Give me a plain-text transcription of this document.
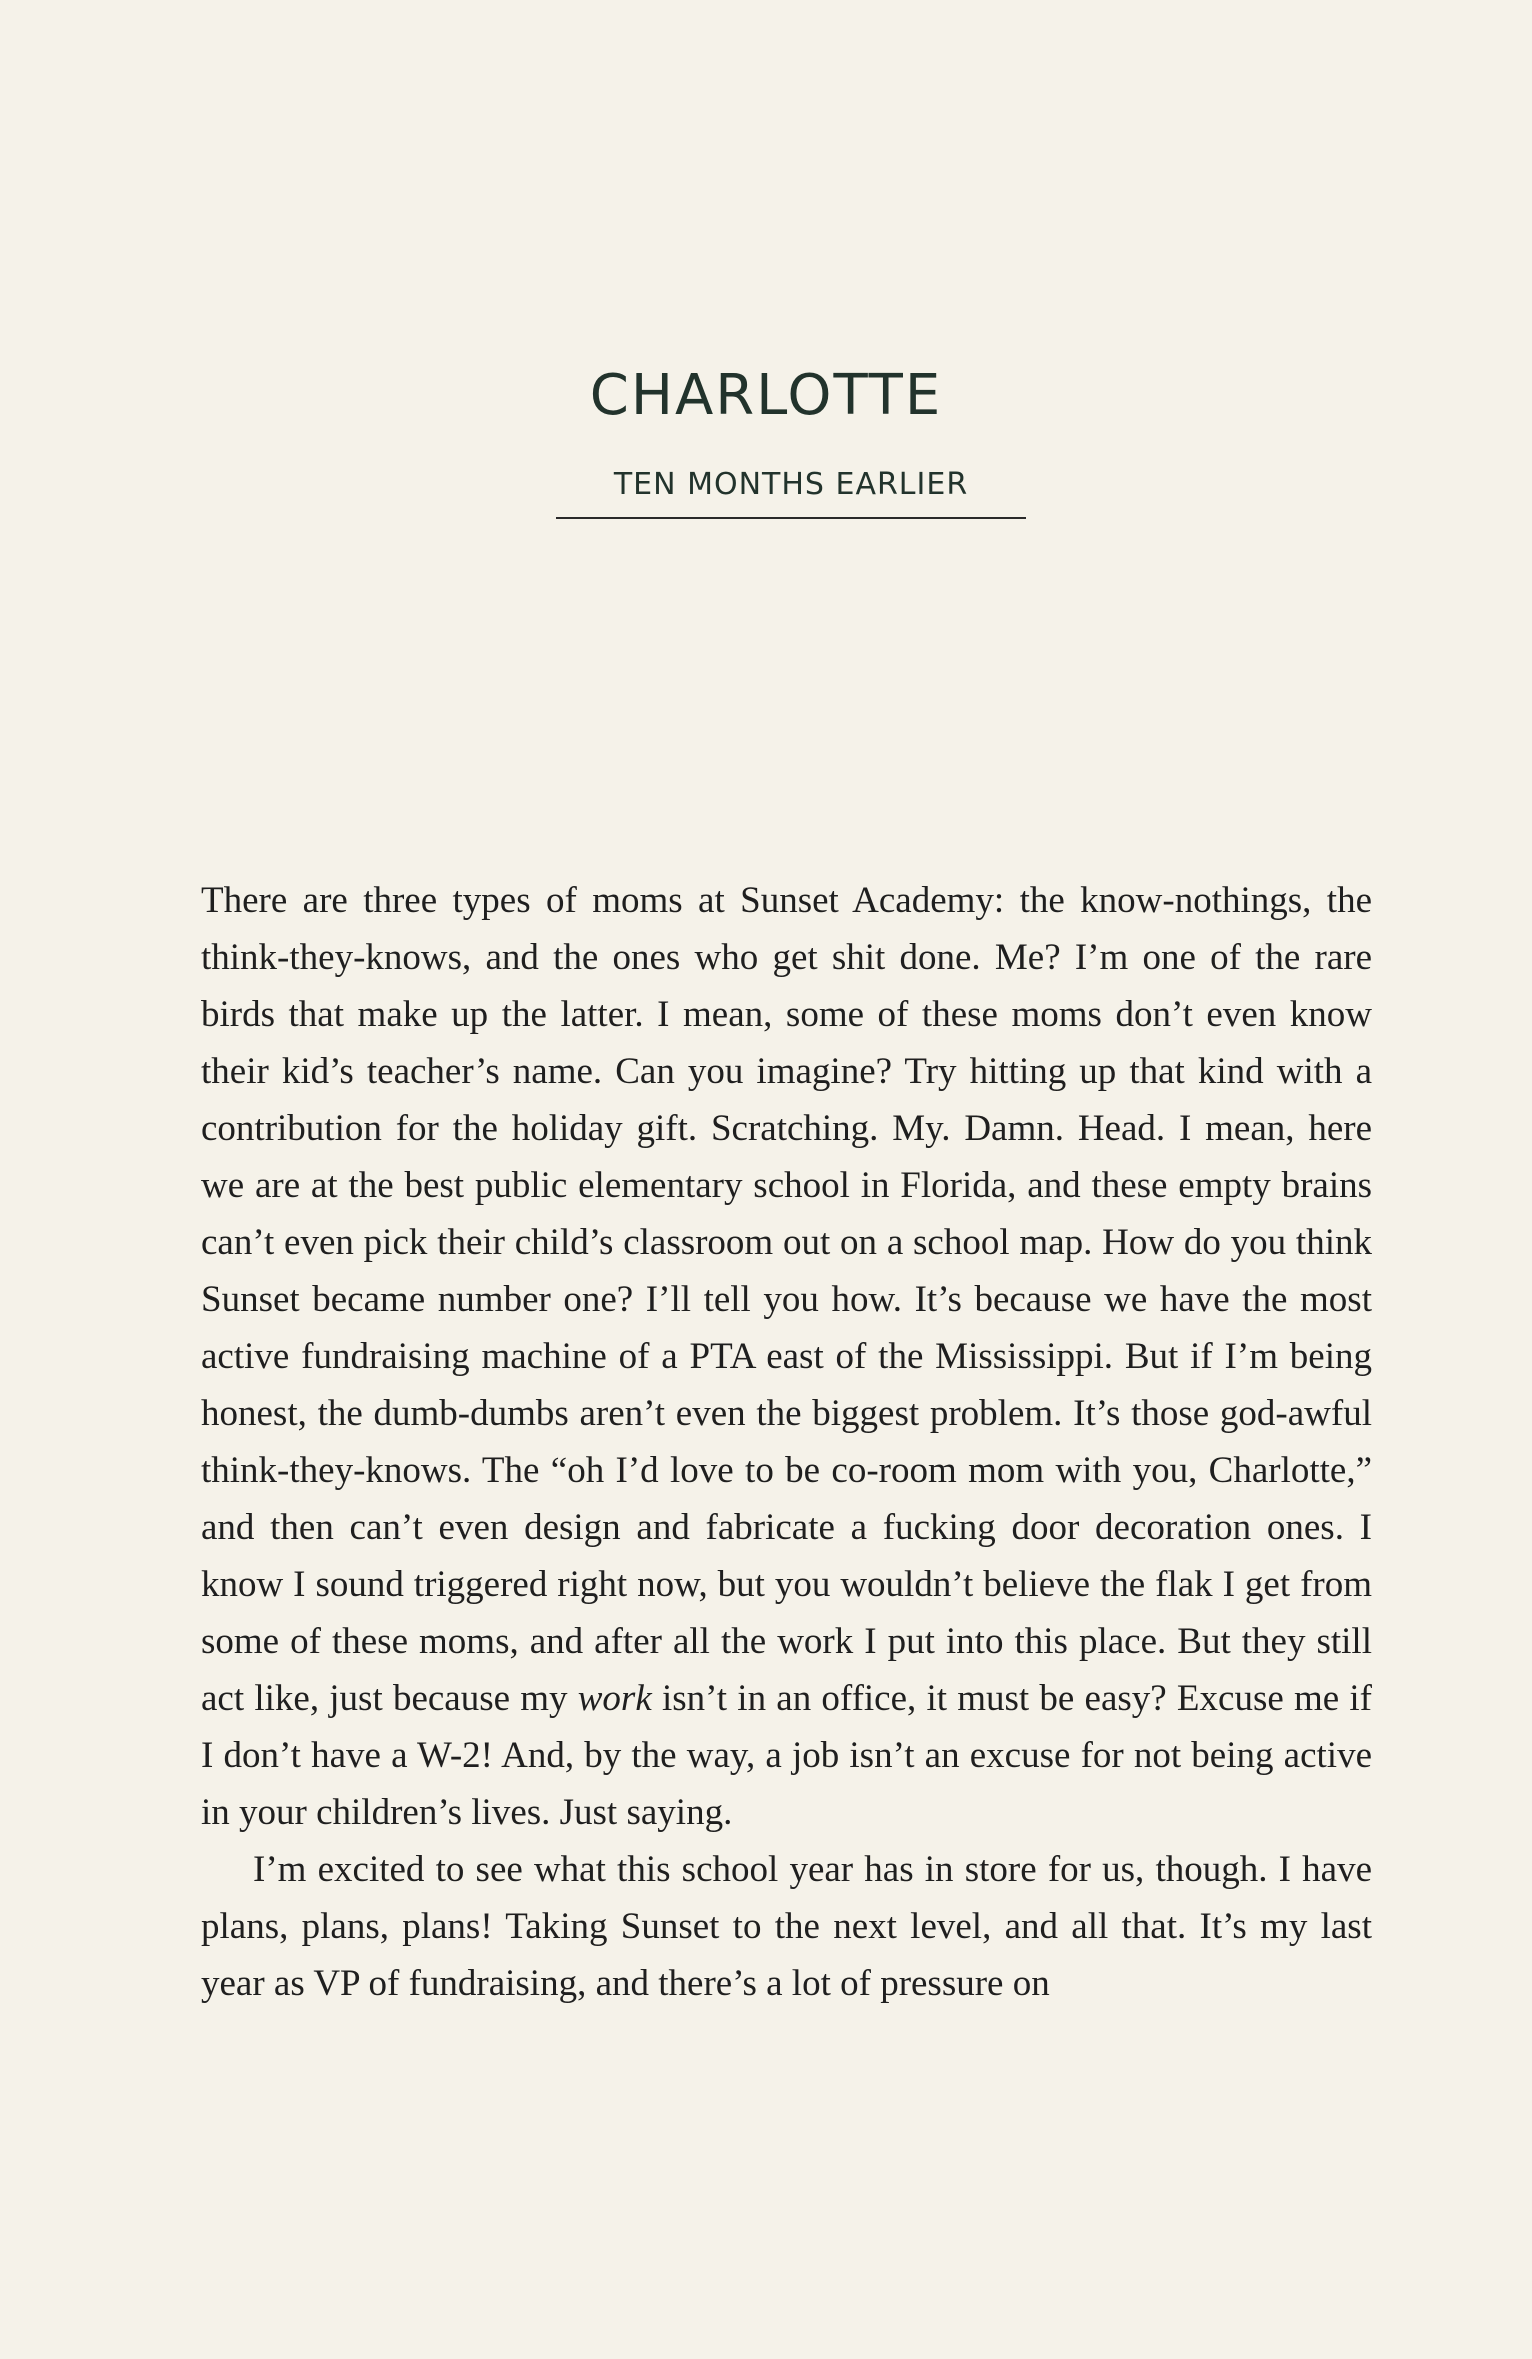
CHARLOTTE
TEN MONTHS EARLIER

There are three types of moms at Sunset Academy: the know-nothings, the think-they-knows, and the ones who get shit done. Me? I’m one of the rare birds that make up the latter. I mean, some of these moms don’t even know their kid’s teacher’s name. Can you imagine? Try hitting up that kind with a contribution for the holiday gift. Scratching. My. Damn. Head. I mean, here we are at the best public elementary school in Florida, and these empty brains can’t even pick their child’s classroom out on a school map. How do you think Sunset became number one? I’ll tell you how. It’s because we have the most active fundraising machine of a PTA east of the Mississippi. But if I’m being honest, the dumb-dumbs aren’t even the biggest problem. It’s those god-awful think-they-knows. The “oh I’d love to be co-room mom with you, Charlotte,” and then can’t even design and fabricate a fucking door decoration ones. I know I sound triggered right now, but you wouldn’t believe the flak I get from some of these moms, and after all the work I put into this place. But they still act like, just because my work isn’t in an office, it must be easy? Excuse me if I don’t have a W-2! And, by the way, a job isn’t an excuse for not being active in your children’s lives. Just saying.

I’m excited to see what this school year has in store for us, though. I have plans, plans, plans! Taking Sunset to the next level, and all that. It’s my last year as VP of fundraising, and there’s a lot of pressure on
